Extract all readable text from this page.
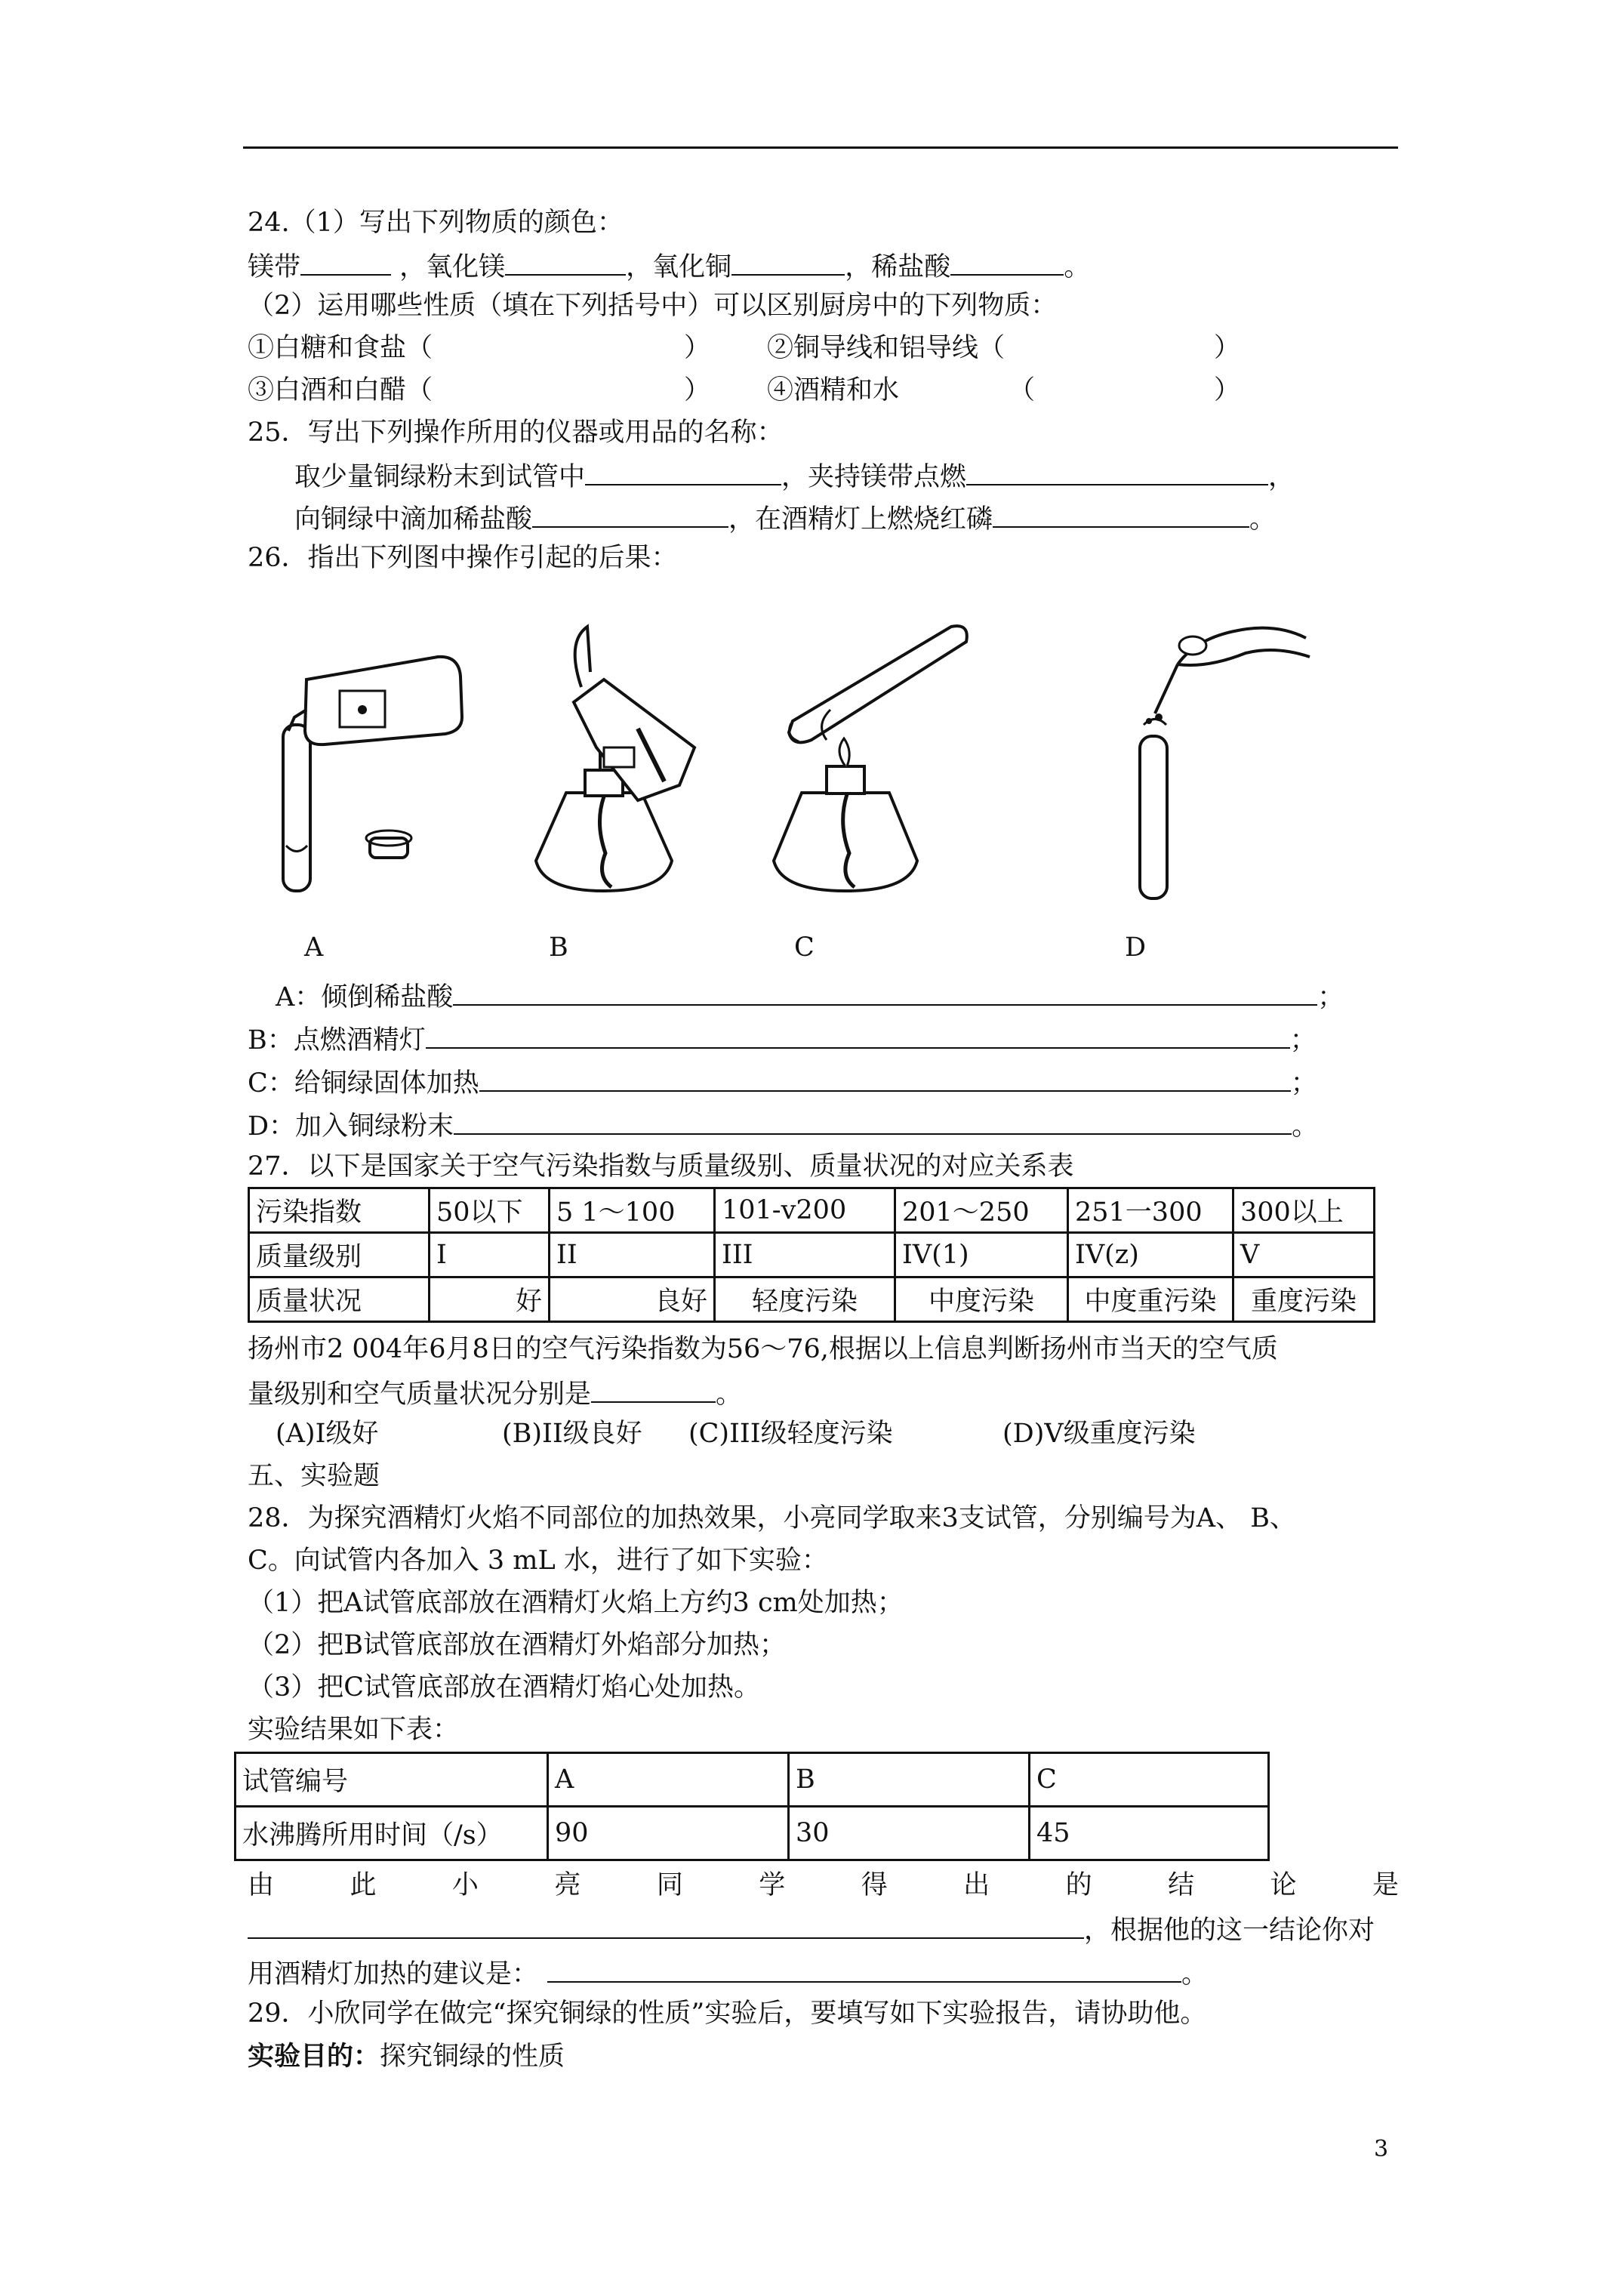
24.（1）写出下列物质的颜色：
镁带	，氧化镁	，氧化铜	，稀盐酸	。
（2）运用哪些性质（填在下列括号中）可以区别厨房中的下列物质：
①白糖和食盐（	） ②铜导线和铝导线（	）
③白酒和白醋（	） ④酒精和水	（	）
25．写出下列操作所用的仪器或用品的名称：
取少量铜绿粉末到试管中	，夹持镁带点燃	，
向铜绿中滴加稀盐酸	，在酒精灯上燃烧红磷	。
26．指出下列图中操作引起的后果：
A	B	C	D
A：倾倒稀盐酸	；
B：点燃酒精灯	；
C：给铜绿固体加热	；
D：加入铜绿粉末	。
27．以下是国家关于空气污染指数与质量级别、质量状况的对应关系表
污染指数	50以下	5 1～100	101-v200	201～250	251一300	300以上
质量级别	I	II	III	IV(1)	IV(z)	V
质量状况	好	良好	轻度污染	中度污染	中度重污染	重度污染
扬州市2 004年6月8日的空气污染指数为56～76,根据以上信息判断扬州市当天的空气质
量级别和空气质量状况分别是	。
(A)I级好	(B)II级良好 (C)III级轻度污染	(D)V级重度污染
五、实验题
28．为探究酒精灯火焰不同部位的加热效果，小亮同学取来3支试管，分别编号为A、 B、
C。向试管内各加入 3 mL 水，进行了如下实验：
（1）把A试管底部放在酒精灯火焰上方约3 cm处加热；
（2）把B试管底部放在酒精灯外焰部分加热；
（3）把C试管底部放在酒精灯焰心处加热。
实验结果如下表：
试管编号	A	B	C
水沸腾所用时间（/s）	90	30	45
由	此	小	亮	同	学	得	出	的	结	论	是
，根据他的这一结论你对
用酒精灯加热的建议是：	。
29．小欣同学在做完“探究铜绿的性质”实验后，要填写如下实验报告，请协助他。
实验目的：探究铜绿的性质
3
